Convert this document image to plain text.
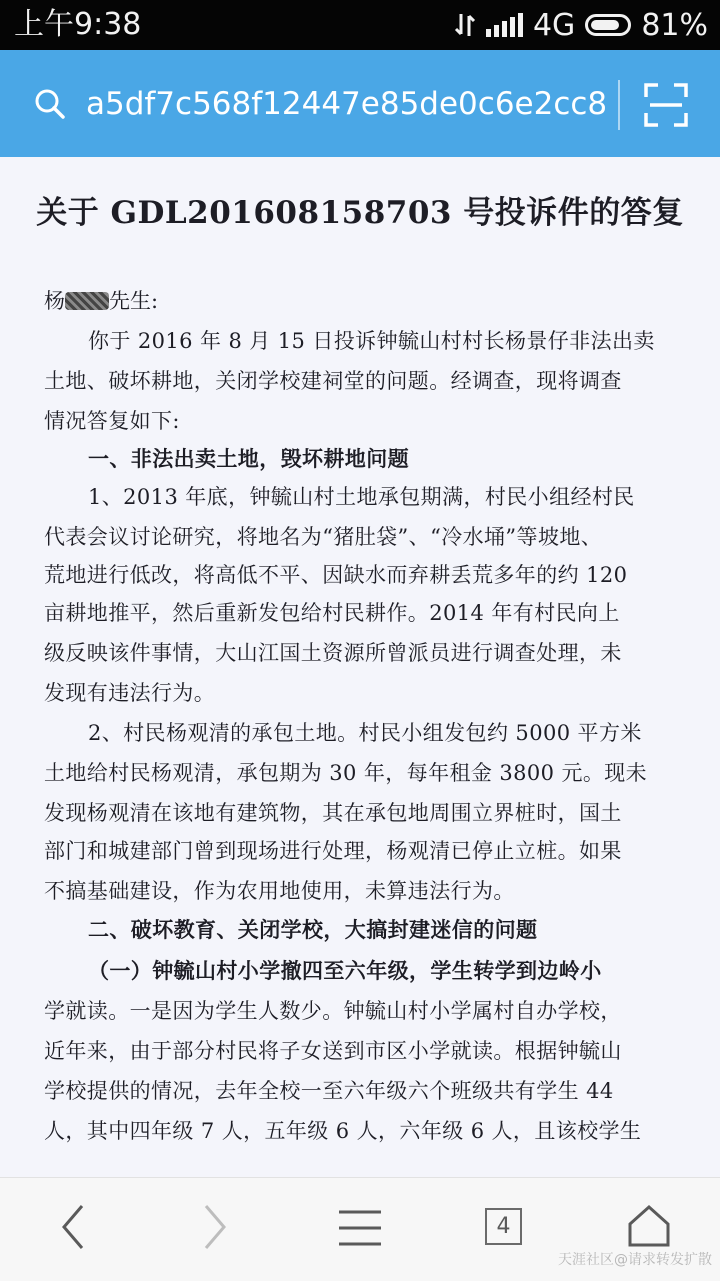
上午9:38	4G 81%
a5df7c568f12447e85de0c6e2cc8
关于 GDL201608158703 号投诉件的答复
杨 先生:
你于 2016 年 8 月 15 日投诉钟毓山村村长杨景仔非法出卖
土地、破坏耕地，关闭学校建祠堂的问题。经调查，现将调查
情况答复如下:
一、非法出卖土地，毁坏耕地问题
1、2013 年底，钟毓山村土地承包期满，村民小组经村民
代表会议讨论研究，将地名为“猪肚袋”、“冷水埇”等坡地、
荒地进行低改，将高低不平、因缺水而弃耕丢荒多年的约 120
亩耕地推平，然后重新发包给村民耕作。2014 年有村民向上
级反映该件事情，大山江国土资源所曾派员进行调查处理，未
发现有违法行为。
2、村民杨观清的承包土地。村民小组发包约 5000 平方米
土地给村民杨观清，承包期为 30 年，每年租金 3800 元。现未
发现杨观清在该地有建筑物，其在承包地周围立界桩时，国土
部门和城建部门曾到现场进行处理，杨观清已停止立桩。如果
不搞基础建设，作为农用地使用，未算违法行为。
二、破坏教育、关闭学校，大搞封建迷信的问题
（一）钟毓山村小学撤四至六年级，学生转学到边岭小
学就读。一是因为学生人数少。钟毓山村小学属村自办学校，
近年来，由于部分村民将子女送到市区小学就读。根据钟毓山
学校提供的情况，去年全校一至六年级六个班级共有学生 44
人，其中四年级 7 人，五年级 6 人，六年级 6 人，且该校学生
4
天涯社区@请求转发扩散
